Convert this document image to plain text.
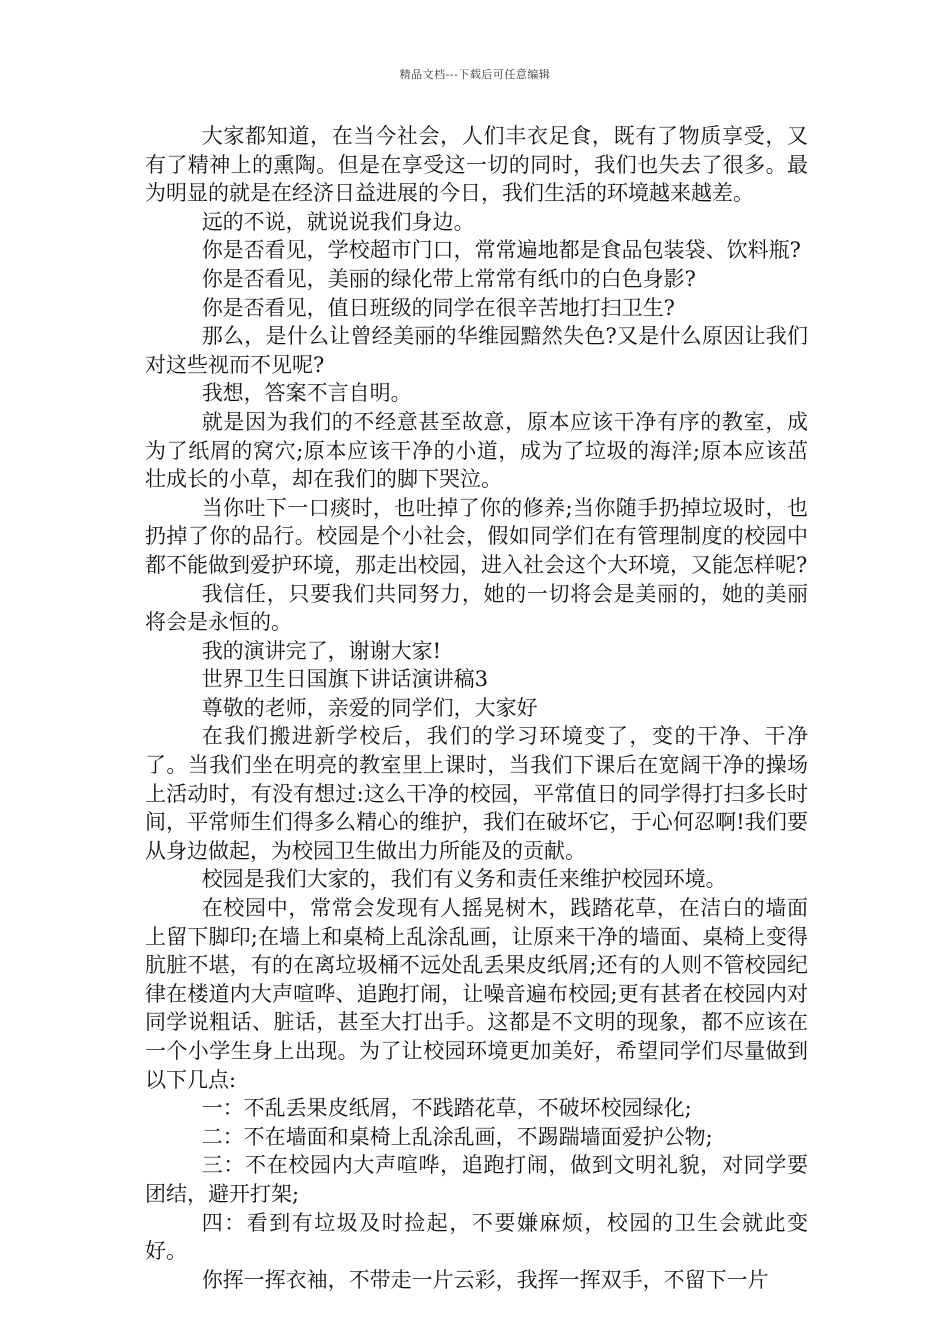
精品文档---下载后可任意编辑

大家都知道，在当今社会，人们丰衣足食，既有了物质享受，又有了精神上的熏陶。但是在享受这一切的同时，我们也失去了很多。最为明显的就是在经济日益进展的今日，我们生活的环境越来越差。

远的不说，就说说我们身边。

你是否看见，学校超市门口，常常遍地都是食品包装袋、饮料瓶?

你是否看见，美丽的绿化带上常常有纸巾的白色身影?

你是否看见，值日班级的同学在很辛苦地打扫卫生?

那么，是什么让曾经美丽的华维园黯然失色?又是什么原因让我们对这些视而不见呢?

我想，答案不言自明。

就是因为我们的不经意甚至故意，原本应该干净有序的教室，成为了纸屑的窝穴;原本应该干净的小道，成为了垃圾的海洋;原本应该茁壮成长的小草，却在我们的脚下哭泣。

当你吐下一口痰时，也吐掉了你的修养;当你随手扔掉垃圾时，也扔掉了你的品行。校园是个小社会，假如同学们在有管理制度的校园中都不能做到爱护环境，那走出校园，进入社会这个大环境，又能怎样呢?

我信任，只要我们共同努力，她的一切将会是美丽的，她的美丽将会是永恒的。

我的演讲完了，谢谢大家!

世界卫生日国旗下讲话演讲稿3

尊敬的老师，亲爱的同学们，大家好

在我们搬进新学校后，我们的学习环境变了，变的干净、干净了。当我们坐在明亮的教室里上课时，当我们下课后在宽阔干净的操场上活动时，有没有想过:这么干净的校园，平常值日的同学得打扫多长时间，平常师生们得多么精心的维护，我们在破坏它，于心何忍啊!我们要从身边做起，为校园卫生做出力所能及的贡献。

校园是我们大家的，我们有义务和责任来维护校园环境。

在校园中，常常会发现有人摇晃树木，践踏花草，在洁白的墙面上留下脚印;在墙上和桌椅上乱涂乱画，让原来干净的墙面、桌椅上变得肮脏不堪，有的在离垃圾桶不远处乱丢果皮纸屑;还有的人则不管校园纪律在楼道内大声喧哗、追跑打闹，让噪音遍布校园;更有甚者在校园内对同学说粗话、脏话，甚至大打出手。这都是不文明的现象，都不应该在一个小学生身上出现。为了让校园环境更加美好，希望同学们尽量做到以下几点:

一：不乱丢果皮纸屑，不践踏花草，不破坏校园绿化;

二：不在墙面和桌椅上乱涂乱画，不踢踹墙面爱护公物;

三：不在校园内大声喧哗，追跑打闹，做到文明礼貌，对同学要团结，避开打架;

四：看到有垃圾及时捡起，不要嫌麻烦，校园的卫生会就此变好。

你挥一挥衣袖，不带走一片云彩，我挥一挥双手，不留下一片
